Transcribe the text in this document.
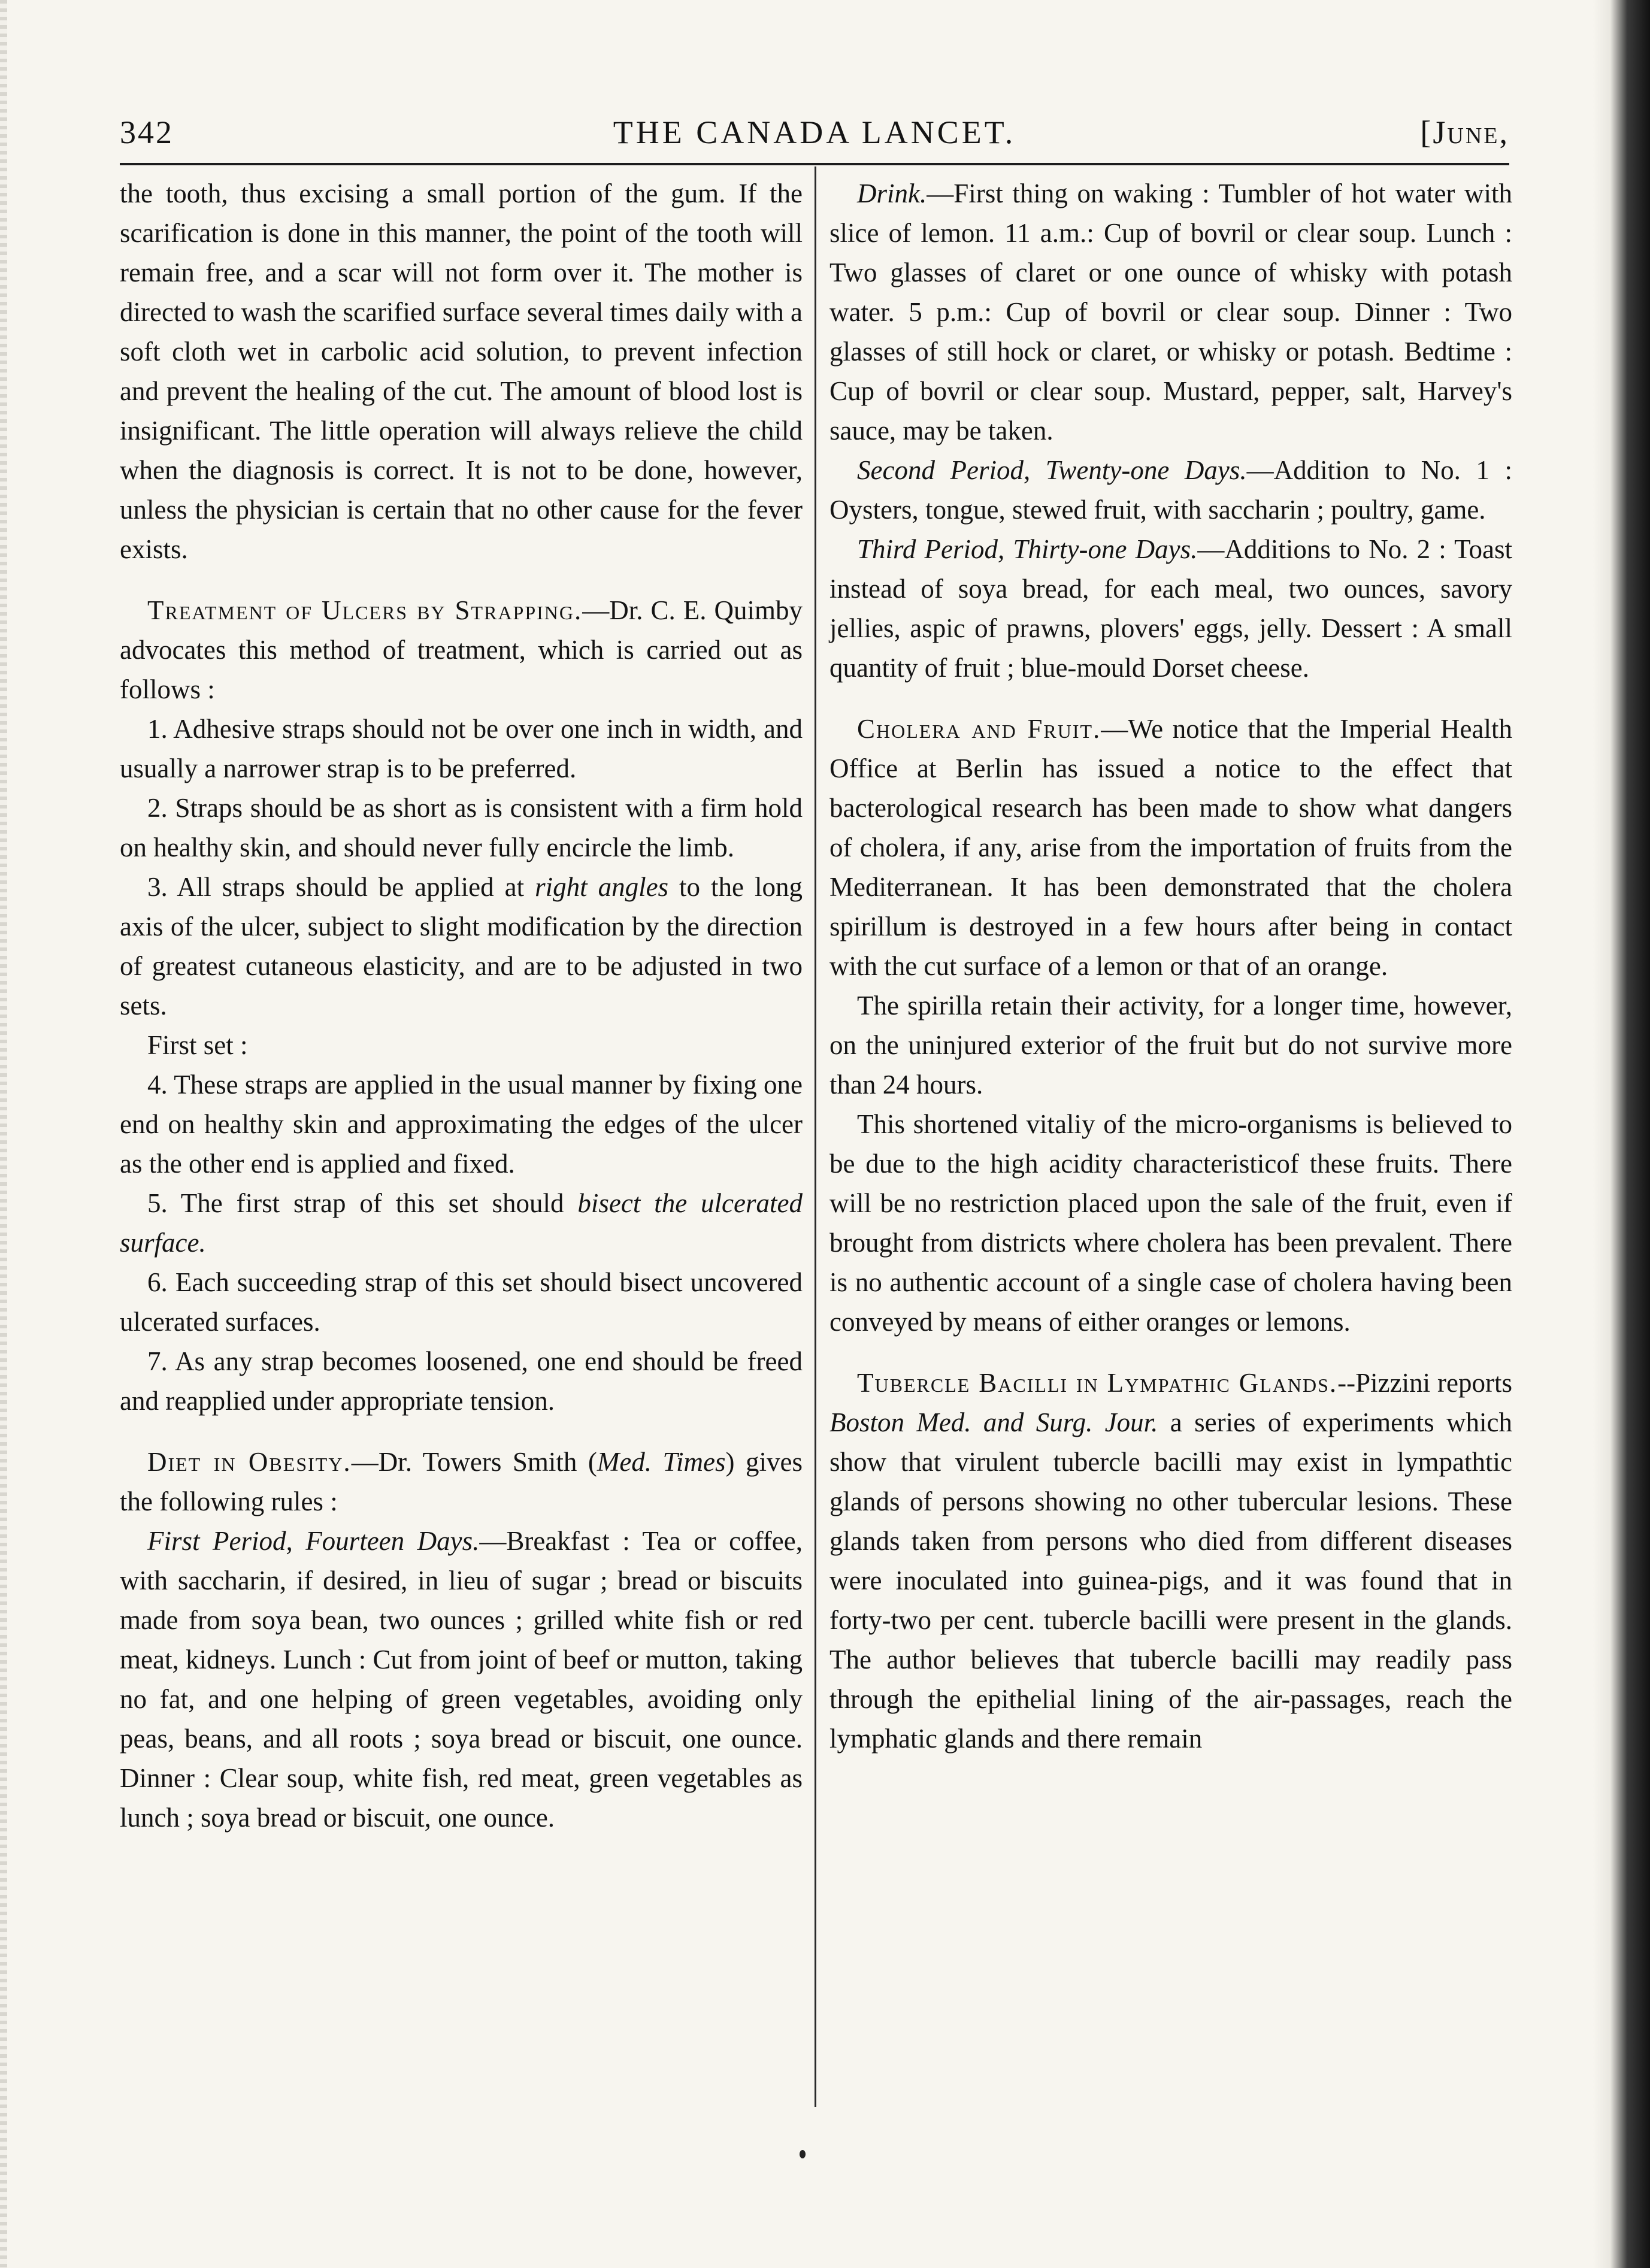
342	THE CANADA LANCET.	[June,

the tooth, thus excising a small portion of the gum. If the scarification is done in this manner, the point of the tooth will remain free, and a scar will not form over it. The mother is directed to wash the scarified surface several times daily with a soft cloth wet in carbolic acid solution, to prevent infection and prevent the healing of the cut. The amount of blood lost is insignificant. The little operation will always relieve the child when the diagnosis is correct. It is not to be done, however, unless the physician is certain that no other cause for the fever exists.

Treatment of Ulcers by Strapping.—Dr. C. E. Quimby advocates this method of treatment, which is carried out as follows :

1. Adhesive straps should not be over one inch in width, and usually a narrower strap is to be preferred.

2. Straps should be as short as is consistent with a firm hold on healthy skin, and should never fully encircle the limb.

3. All straps should be applied at right angles to the long axis of the ulcer, subject to slight modification by the direction of greatest cutaneous elasticity, and are to be adjusted in two sets.

First set :

4. These straps are applied in the usual manner by fixing one end on healthy skin and approximating the edges of the ulcer as the other end is applied and fixed.

5. The first strap of this set should bisect the ulcerated surface.

6. Each succeeding strap of this set should bisect uncovered ulcerated surfaces.

7. As any strap becomes loosened, one end should be freed and reapplied under appropriate tension.

Diet in Obesity.—Dr. Towers Smith (Med. Times) gives the following rules :

First Period, Fourteen Days.—Breakfast : Tea or coffee, with saccharin, if desired, in lieu of sugar ; bread or biscuits made from soya bean, two ounces ; grilled white fish or red meat, kidneys. Lunch : Cut from joint of beef or mutton, taking no fat, and one helping of green vegetables, avoiding only peas, beans, and all roots ; soya bread or biscuit, one ounce. Dinner : Clear soup, white fish, red meat, green vegetables as lunch ; soya bread or biscuit, one ounce.

Drink.—First thing on waking : Tumbler of hot water with slice of lemon. 11 a.m.: Cup of bovril or clear soup. Lunch : Two glasses of claret or one ounce of whisky with potash water. 5 p.m.: Cup of bovril or clear soup. Dinner : Two glasses of still hock or claret, or whisky or potash. Bedtime : Cup of bovril or clear soup. Mustard, pepper, salt, Harvey's sauce, may be taken.

Second Period, Twenty-one Days.—Addition to No. 1 : Oysters, tongue, stewed fruit, with saccharin ; poultry, game.

Third Period, Thirty-one Days.—Additions to No. 2 : Toast instead of soya bread, for each meal, two ounces, savory jellies, aspic of prawns, plovers' eggs, jelly. Dessert : A small quantity of fruit ; blue-mould Dorset cheese.

Cholera and Fruit.—We notice that the Imperial Health Office at Berlin has issued a notice to the effect that bacterological research has been made to show what dangers of cholera, if any, arise from the importation of fruits from the Mediterranean. It has been demonstrated that the cholera spirillum is destroyed in a few hours after being in contact with the cut surface of a lemon or that of an orange.

The spirilla retain their activity, for a longer time, however, on the uninjured exterior of the fruit but do not survive more than 24 hours.

This shortened vitaliy of the micro-organisms is believed to be due to the high acidity characteristicof these fruits. There will be no restriction placed upon the sale of the fruit, even if brought from districts where cholera has been prevalent. There is no authentic account of a single case of cholera having been conveyed by means of either oranges or lemons.

Tubercle Bacilli in Lympathic Glands.--Pizzini reports Boston Med. and Surg. Jour. a series of experiments which show that virulent tubercle bacilli may exist in lympathtic glands of persons showing no other tubercular lesions. These glands taken from persons who died from different diseases were inoculated into guinea-pigs, and it was found that in forty-two per cent. tubercle bacilli were present in the glands. The author believes that tubercle bacilli may readily pass through the epithelial lining of the air-passages, reach the lymphatic glands and there remain
